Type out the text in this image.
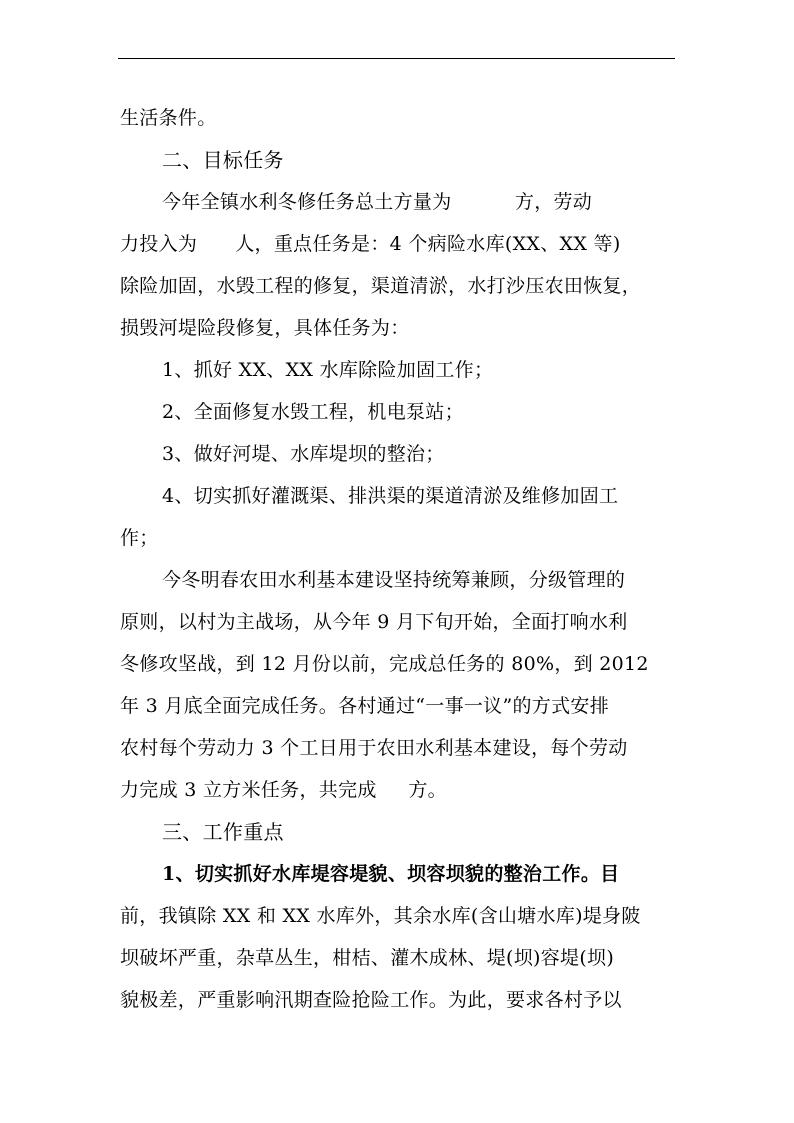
生活条件。
二、目标任务
今年全镇水利冬修任务总土方量为          方，劳动
力投入为      人，重点任务是：4 个病险水库(XX、XX 等)
除险加固，水毁工程的修复，渠道清淤，水打沙压农田恢复，
损毁河堤险段修复，具体任务为：
1、抓好 XX、XX 水库除险加固工作；
2、全面修复水毁工程，机电泵站；
3、做好河堤、水库堤坝的整治；
4、切实抓好灌溉渠、排洪渠的渠道清淤及维修加固工
作；
今冬明春农田水利基本建设坚持统筹兼顾，分级管理的
原则，以村为主战场，从今年 9 月下旬开始，全面打响水利
冬修攻坚战，到 12 月份以前，完成总任务的 80%，到 2012
年 3 月底全面完成任务。各村通过“一事一议”的方式安排
农村每个劳动力 3 个工日用于农田水利基本建设，每个劳动
力完成 3 立方米任务，共完成     方。
三、工作重点
1、切实抓好水库堤容堤貌、坝容坝貌的整治工作。目
前，我镇除 XX 和 XX 水库外，其余水库(含山塘水库)堤身陂
坝破坏严重，杂草丛生，柑桔、灌木成林、堤(坝)容堤(坝)
貌极差，严重影响汛期查险抢险工作。为此，要求各村予以
